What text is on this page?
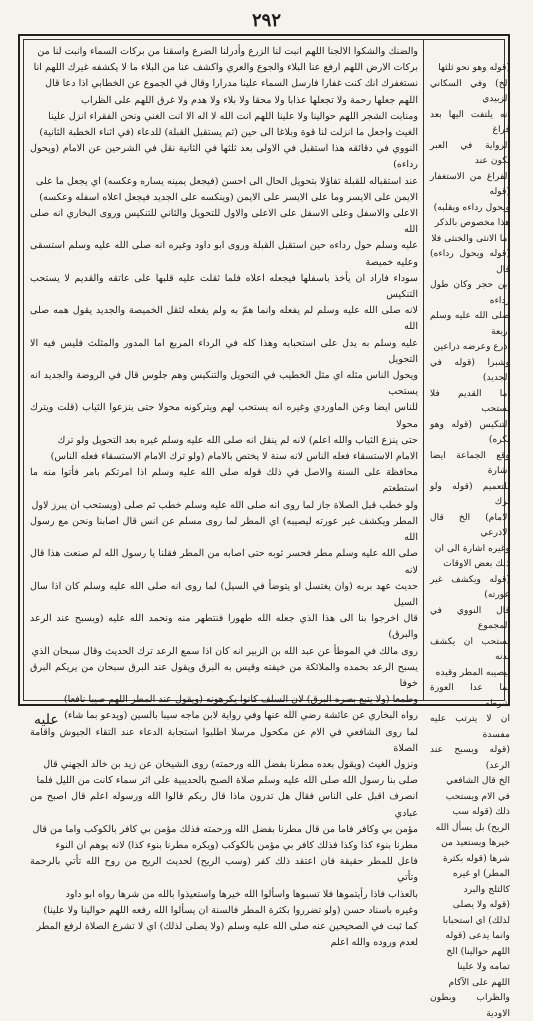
٢٩٢

والضنك والشكوا الالجنا اللهم انبت لنا الزرع وأدرلنا الضرع واسقنا من بركات السماء وانبت لنا من

بركات الارض اللهم ارفع عنا البلاء والجوع والعري واكشف عنا من البلاء ما لا يكشفه غيرك اللهم انا

نستغفرك انك كنت غفارا فارسل السماء علينا مدرارا وقال في الجموع عن الخطابي اذا دعا قال

اللهم جعلها رحمة ولا تجعلها عذابا ولا محقا ولا بلاء ولا هدم ولا غرق اللهم على الظراب

ومنابت الشجر اللهم حوالينا ولا علينا اللهم انت الله لا اله الا انت الغني ونحن الفقراء انزل علينا

الغيث واجعل ما انزلت لنا قوة وبلاغا الى حين (ثم يستقبل القبلة) للدعاء (في اثناء الخطبة الثانية)

النووي في دقائقه هذا استقبل في الاولى بعد ثلثها في الثانية نقل في الشرحين عن الامام (ويحول رداءه)

عند استقباله للقبلة تفاؤلا بتحويل الحال الى احسن (فيجعل يمينه يساره وعكسه) اي يجعل ما على

الايمن على الايسر وما على الايسر على الايمن (وينكسه على الجديد فيجعل اعلاه اسفله وعكسه)

الاعلى والاسفل وعلى الاسفل على الاعلى والاول للتحويل والثاني للتنكيس وروى البخاري انه صلى الله

عليه وسلم حول رداءه حين استقبل القبلة وروى ابو داود وغيره انه صلى الله عليه وسلم استسقى وعليه خميصة

سوداء فاراد ان يأخذ باسفلها فيجعله اعلاه فلما ثقلت عليه قلبها على عاتقه والقديم لا يستحب التنكيس

لانه صلى الله عليه وسلم لم يفعله وانما همّ به ولم يفعله لثقل الخميصة والجديد يقول همه صلى الله

عليه وسلم به يدل على استحبابه وهذا كله في الرداء المربع اما المدور والمثلث فليس فيه الا التحويل

ويحول الناس مثله اي مثل الخطيب في التحويل والتنكيس وهم جلوس قال في الروضة والجديد انه يستحب

للناس ايضا وعن الماوردي وغيره انه يستحب لهم ويتركونه محولا حتى ينزعوا الثياب (قلت ويترك محولا

حتى ينزع الثياب والله اعلم) لانه لم ينقل انه صلى الله عليه وسلم غيره بعد التحويل ولو ترك

الامام الاستسقاء فعله الناس لانه سنة لا يختص بالامام (ولو ترك الامام الاستسقاء فعله الناس)

محافظة على السنة والاصل في ذلك قوله صلى الله عليه وسلم اذا امرتكم بامر فأتوا منه ما استطعتم

ولو خطب قبل الصلاة جاز لما روى انه صلى الله عليه وسلم خطب ثم صلى (ويستحب ان يبرز لاول

المطر ويكشف غير عورته ليصيبه) اي المطر لما روى مسلم عن انس قال اصابنا ونحن مع رسول الله

صلى الله عليه وسلم مطر فحسر ثوبه حتى اصابه من المطر فقلنا يا رسول الله لم صنعت هذا قال لانه

حديث عهد بربه (وان يغتسل او يتوضأ في السيل) لما روى انه صلى الله عليه وسلم كان اذا سال السيل

قال اخرجوا بنا الى هذا الذي جعله الله طهورا فنتطهر منه ونحمد الله عليه (ويسبح عند الرعد والبرق)

روى مالك في الموطأ عن عبد الله بن الزبير انه كان اذا سمع الرعد ترك الحديث وقال سبحان الذي

يسبح الرعد بحمده والملائكة من خيفته وقيس به البرق ويقول عند البرق سبحان من يريكم البرق خوفا

وطمعا (ولا يتبع بصره البرق) لان السلف كانوا يكرهونه (ويقول عند المطر اللهم صيبا نافعا)

رواه البخاري عن عائشة رضي الله عنها وفي رواية لابن ماجه سيبا بالسين (ويدعو بما شاء)

لما روى الشافعي في الام عن مكحول مرسلا اطلبوا استجابة الدعاء عند التقاء الجيوش واقامة الصلاة

ونزول الغيث (ويقول بعده مطرنا بفضل الله ورحمته) روى الشيخان عن زيد بن خالد الجهني قال

صلى بنا رسول الله صلى الله عليه وسلم صلاة الصبح بالحديبية على اثر سماء كانت من الليل فلما

انصرف اقبل على الناس فقال هل تدرون ماذا قال ربكم قالوا الله ورسوله اعلم قال اصبح من عبادي

مؤمن بي وكافر فاما من قال مطرنا بفضل الله ورحمته فذلك مؤمن بي كافر بالكوكب واما من قال

مطرنا بنوء كذا وكذا فذلك كافر بي مؤمن بالكوكب (ويكره مطرنا بنوء كذا) لانه يوهم ان النوء

فاعل للمطر حقيقة فان اعتقد ذلك كفر (وسب الريح) لحديث الريح من روح الله تأتي بالرحمة وتأتي

بالعذاب فاذا رأيتموها فلا تسبوها واسألوا الله خيرها واستعيذوا بالله من شرها رواه ابو داود

وغيره باسناد حسن (ولو تضرروا بكثرة المطر فالسنة ان يسألوا الله رفعه اللهم حوالينا ولا علينا)

كما ثبت في الصحيحين عنه صلى الله عليه وسلم (ولا يصلى لذلك) اي لا تشرع الصلاة لرفع المطر

لعدم وروده والله اعلم

(قوله وهو نحو ثلثها

الخ) وفي السكاني الزبيدي

انه يلتفت اليها بعد فراغ

الرواية في العبر يكون عند

الفراغ من الاستغفار (قوله

ويحول رداءه ويقلبه)

هذا مخصوص بالذكر

اما الانثى والخنثى فلا

(قوله ويحول رداءه) قال

ابن حجر وكان طول رداءه

صلى الله عليه وسلم اربعة

اذرع وعرضه ذراعين

وشبرا (قوله في الجديد)

اما القديم فلا يستحب

التنكيس (قوله وهو بكره)

وقع الجماعة ايضا اشارة

للتعميم (قوله ولو ترك

الامام) الخ قال الاذرعي

وغيره اشارة الى ان

ذلك بعض الاوقات

(قوله ويكشف غير عورته)

قال النووي في المجموع

يستحب ان يكشف بدنه

ليصيبه المطر وقيده

بما عدا العورة شرطه

ان لا يترتب عليه مفسدة

(قوله ويسبح عند الرعد)

الخ قال الشافعي

في الام ويستحب

ذلك (قوله سب

الريح) بل يسأل الله

خيرها ويستعيذ من

شرها (قوله بكثرة

المطر) او غيره

كالثلج والبرد

(قوله ولا يصلى

لذلك) اي استحبابا

وانما يدعى (قوله

اللهم حوالينا) الخ

تمامه ولا علينا

اللهم على الآكام

والظراب وبطون الاودية

عليه
